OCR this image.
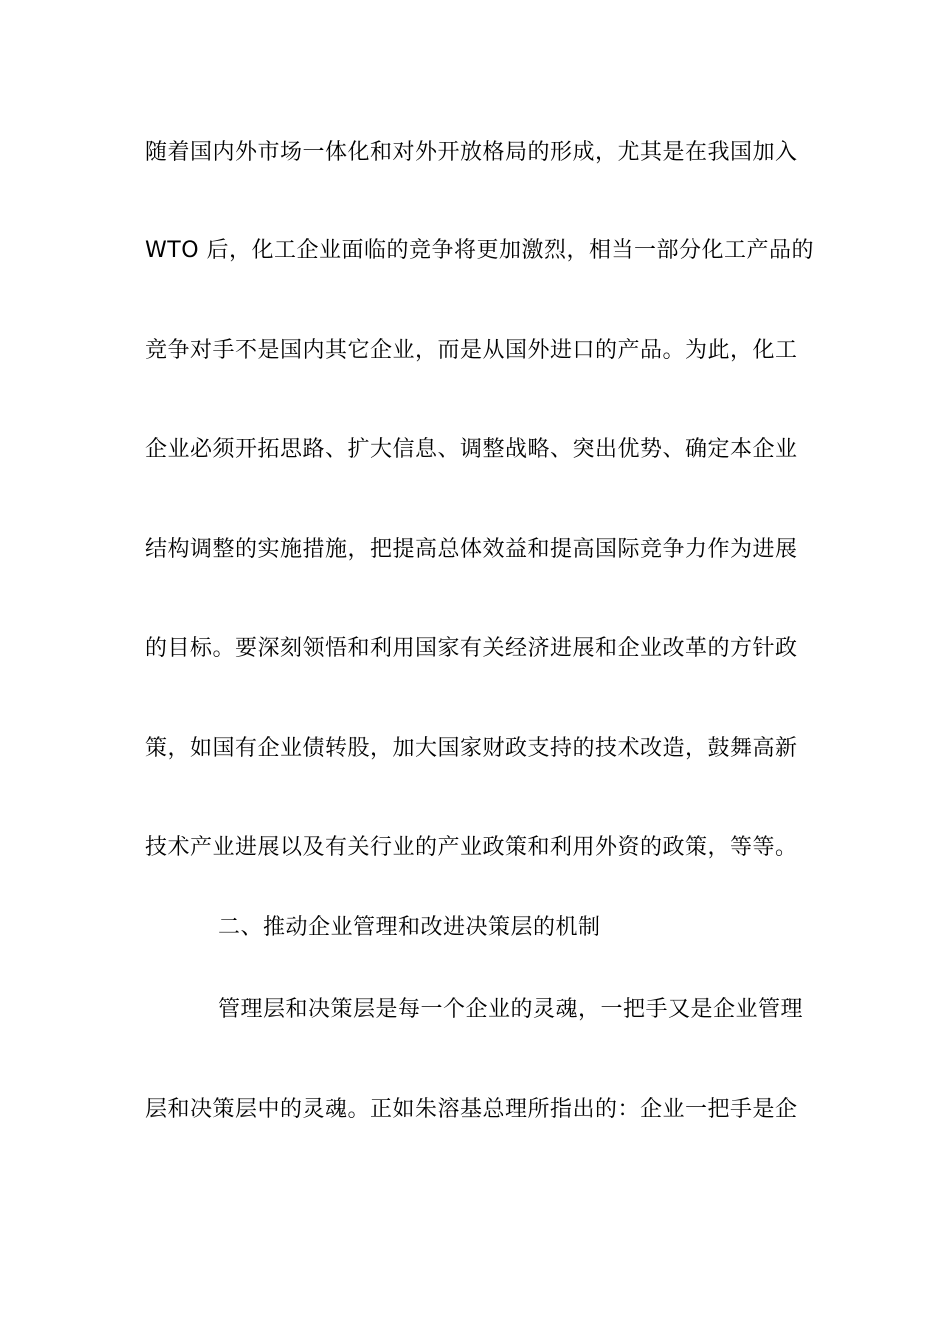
随着国内外市场一体化和对外开放格局的形成，尤其是在我国加入
WTO 后，化工企业面临的竞争将更加激烈，相当一部分化工产品的
竞争对手不是国内其它企业，而是从国外进口的产品。为此，化工
企业必须开拓思路、扩大信息、调整战略、突出优势、确定本企业
结构调整的实施措施，把提高总体效益和提高国际竞争力作为进展
的目标。要深刻领悟和利用国家有关经济进展和企业改革的方针政
策，如国有企业债转股，加大国家财政支持的技术改造，鼓舞高新
技术产业进展以及有关行业的产业政策和利用外资的政策，等等。
二、推动企业管理和改进决策层的机制
管理层和决策层是每一个企业的灵魂，一把手又是企业管理
层和决策层中的灵魂。正如朱溶基总理所指出的：企业一把手是企
